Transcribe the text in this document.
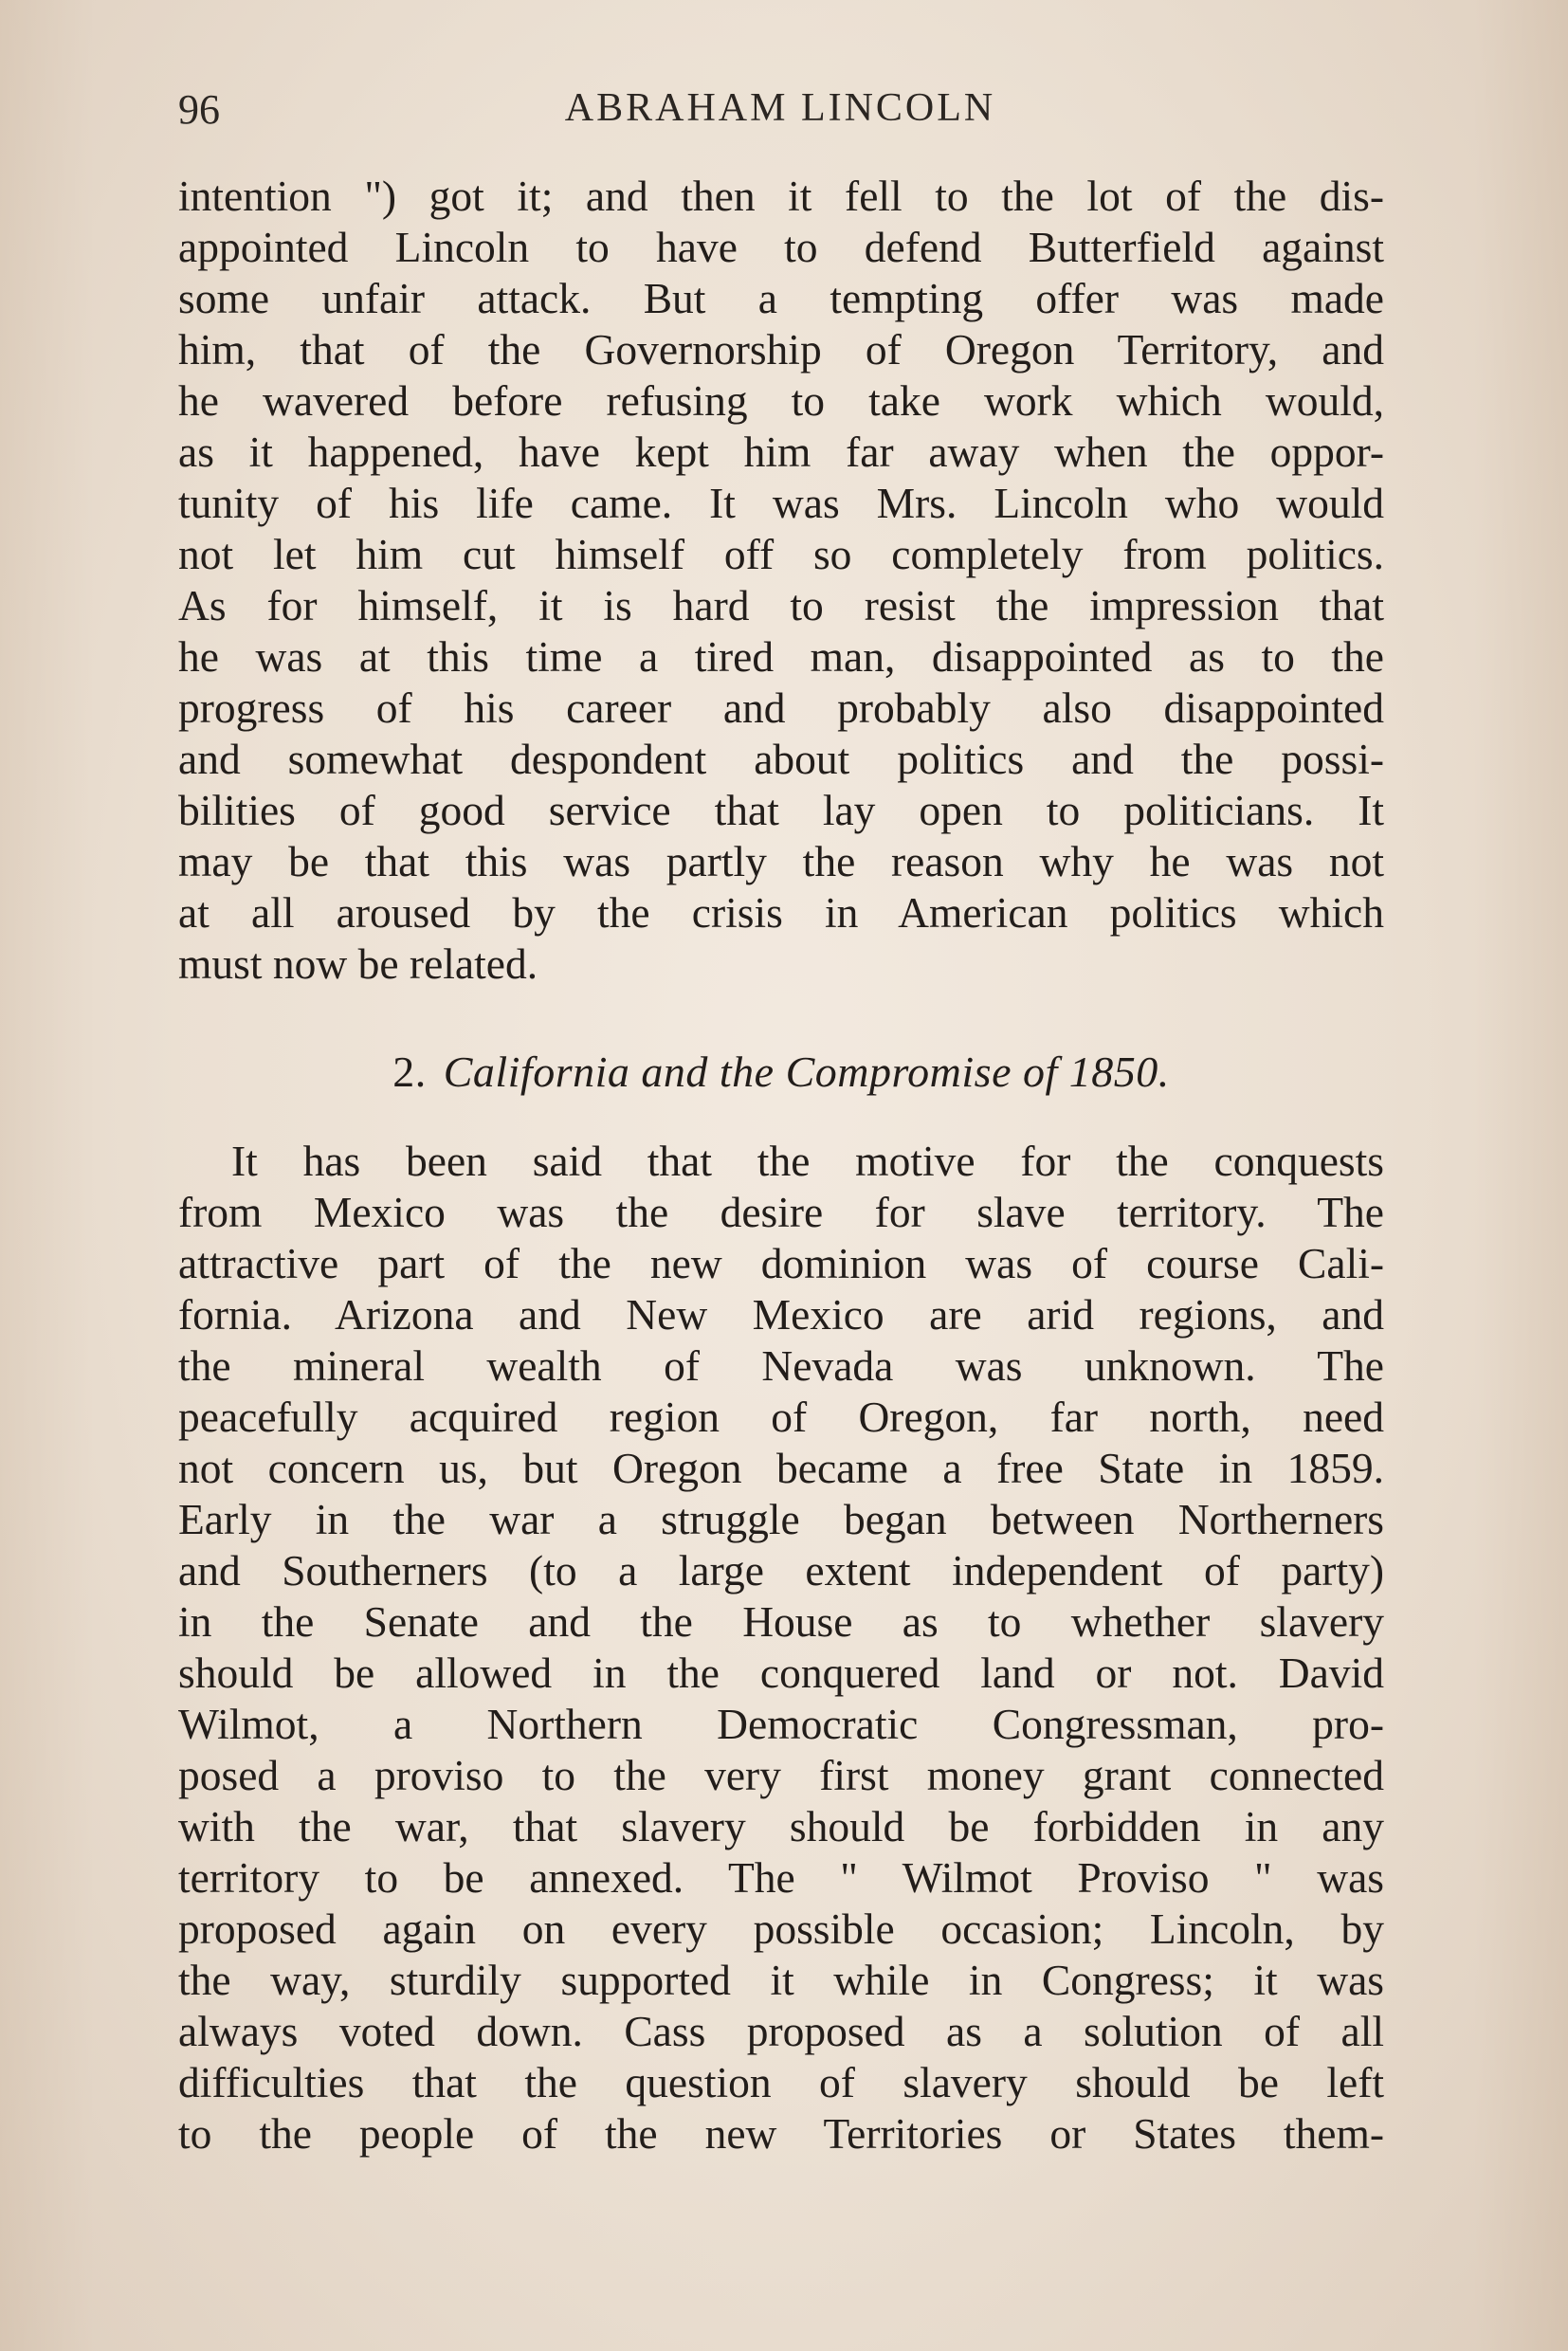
96	ABRAHAM LINCOLN
intention ") got it; and then it fell to the lot of the dis-
appointed Lincoln to have to defend Butterfield against
some unfair attack. But a tempting offer was made
him, that of the Governorship of Oregon Territory, and
he wavered before refusing to take work which would,
as it happened, have kept him far away when the oppor-
tunity of his life came. It was Mrs. Lincoln who would
not let him cut himself off so completely from politics.
As for himself, it is hard to resist the impression that
he was at this time a tired man, disappointed as to the
progress of his career and probably also disappointed
and somewhat despondent about politics and the possi-
bilities of good service that lay open to politicians. It
may be that this was partly the reason why he was not
at all aroused by the crisis in American politics which
must now be related.
2. California and the Compromise of 1850.
It has been said that the motive for the conquests
from Mexico was the desire for slave territory. The
attractive part of the new dominion was of course Cali-
fornia. Arizona and New Mexico are arid regions, and
the mineral wealth of Nevada was unknown. The
peacefully acquired region of Oregon, far north, need
not concern us, but Oregon became a free State in 1859.
Early in the war a struggle began between Northerners
and Southerners (to a large extent independent of party)
in the Senate and the House as to whether slavery
should be allowed in the conquered land or not. David
Wilmot, a Northern Democratic Congressman, pro-
posed a proviso to the very first money grant connected
with the war, that slavery should be forbidden in any
territory to be annexed. The " Wilmot Proviso " was
proposed again on every possible occasion; Lincoln, by
the way, sturdily supported it while in Congress; it was
always voted down. Cass proposed as a solution of all
difficulties that the question of slavery should be left
to the people of the new Territories or States them-
